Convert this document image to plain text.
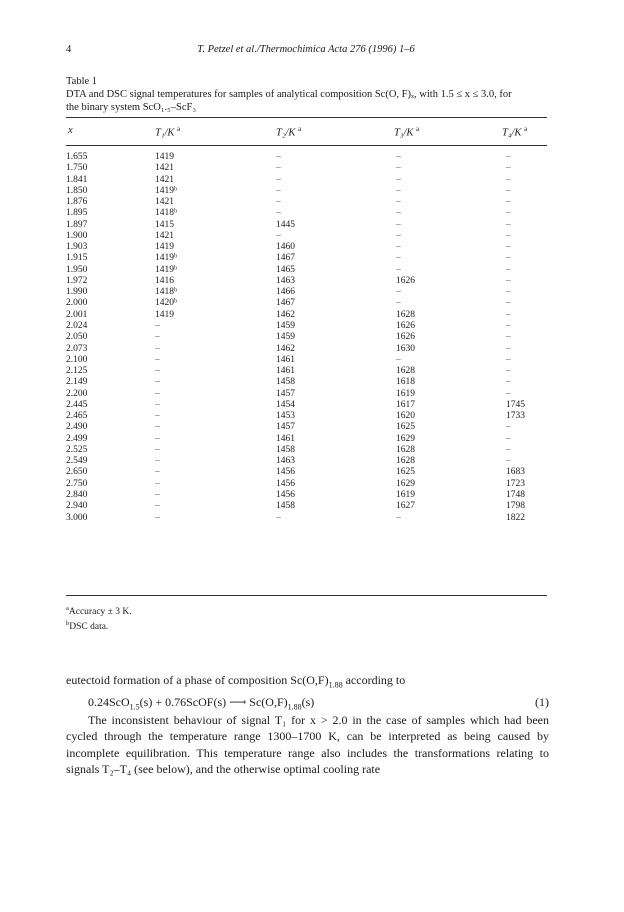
4	T. Petzel et al./Thermochimica Acta 276 (1996) 1–6
Table 1
DTA and DSC signal temperatures for samples of analytical composition Sc(O, F)ₓ, with 1.5 ≤ x ≤ 3.0, for
the binary system ScO₁.₅–ScF₃
x	T₁/K $^a$	T₂/K $^a$	T₃/K $^a$	T₄/K $^a$
1.655	1419	–	–	–
1.750	1421	–	–	–
1.841	1421	–	–	–
1.850	1419ᵇ	–	–	–
1.876	1421	–	–	–
1.895	1418ᵇ	–	–	–
1.897	1415	1445	–	–
1.900	1421	–	–	–
1.903	1419	1460	–	–
1.915	1419ᵇ	1467	–	–
1.950	1419ᵇ	1465	–	–
1.972	1416	1463	1626	–
1.990	1418ᵇ	1466	–	–
2.000	1420ᵇ	1467	–	–
2.001	1419	1462	1628	–
2.024	–	1459	1626	–
2.050	–	1459	1626	–
2.073	–	1462	1630	–
2.100	–	1461	–	–
2.125	–	1461	1628	–
2.149	–	1458	1618	–
2.200	–	1457	1619	–
2.445	–	1454	1617	1745
2.465	–	1453	1620	1733
2.490	–	1457	1625	–
2.499	–	1461	1629	–
2.525	–	1458	1628	–
2.549	–	1463	1628	–
2.650	–	1456	1625	1683
2.750	–	1456	1629	1723
2.840	–	1456	1619	1748
2.940	–	1458	1627	1798
3.000	–	–	–	1822
$^a$Accuracy ± 3 K.
$^b$DSC data.

eutectoid formation of a phase of composition $Sc(O,F)_{1.88}$ according to

0.24ScO$_{1.5}$(s) + 0.76ScOF(s) ⟶ $Sc(O,F)_{1.88}(s)$	(1)

The inconsistent behaviour of signal T₁ for x > 2.0 in the case of samples which had been cycled through the temperature range 1300–1700 K, can be interpreted as being caused by incomplete equilibration. This temperature range also includes the transformations relating to signals T₂–T₄ (see below), and the otherwise optimal cooling rate
